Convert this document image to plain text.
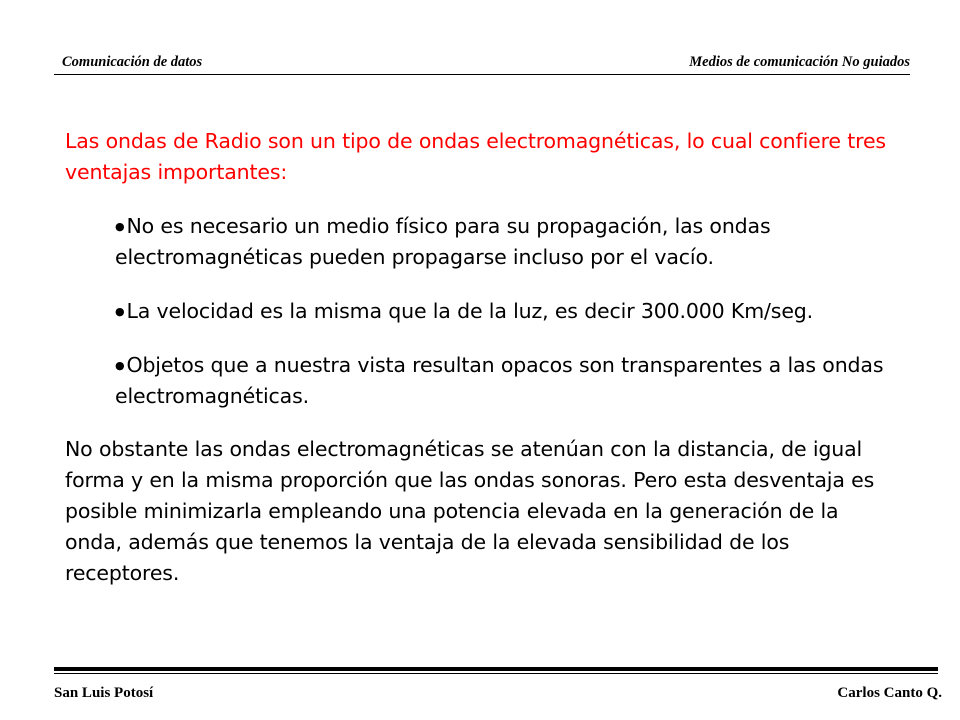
Comunicación de datos	Medios de comunicación No guiados

Las ondas de Radio son un tipo de ondas electromagnéticas, lo cual confiere tres ventajas importantes:

●No es necesario un medio físico para su propagación, las ondas electromagnéticas pueden propagarse incluso por el vacío.
●La velocidad es la misma que la de la luz, es decir 300.000 Km/seg.
●Objetos que a nuestra vista resultan opacos son transparentes a las ondas electromagnéticas.

No obstante las ondas electromagnéticas se atenúan con la distancia, de igual forma y en la misma proporción que las ondas sonoras. Pero esta desventaja es posible minimizarla empleando una potencia elevada en la generación de la onda, además que tenemos la ventaja de la elevada sensibilidad de los receptores.

San Luis Potosí	Carlos Canto Q.
